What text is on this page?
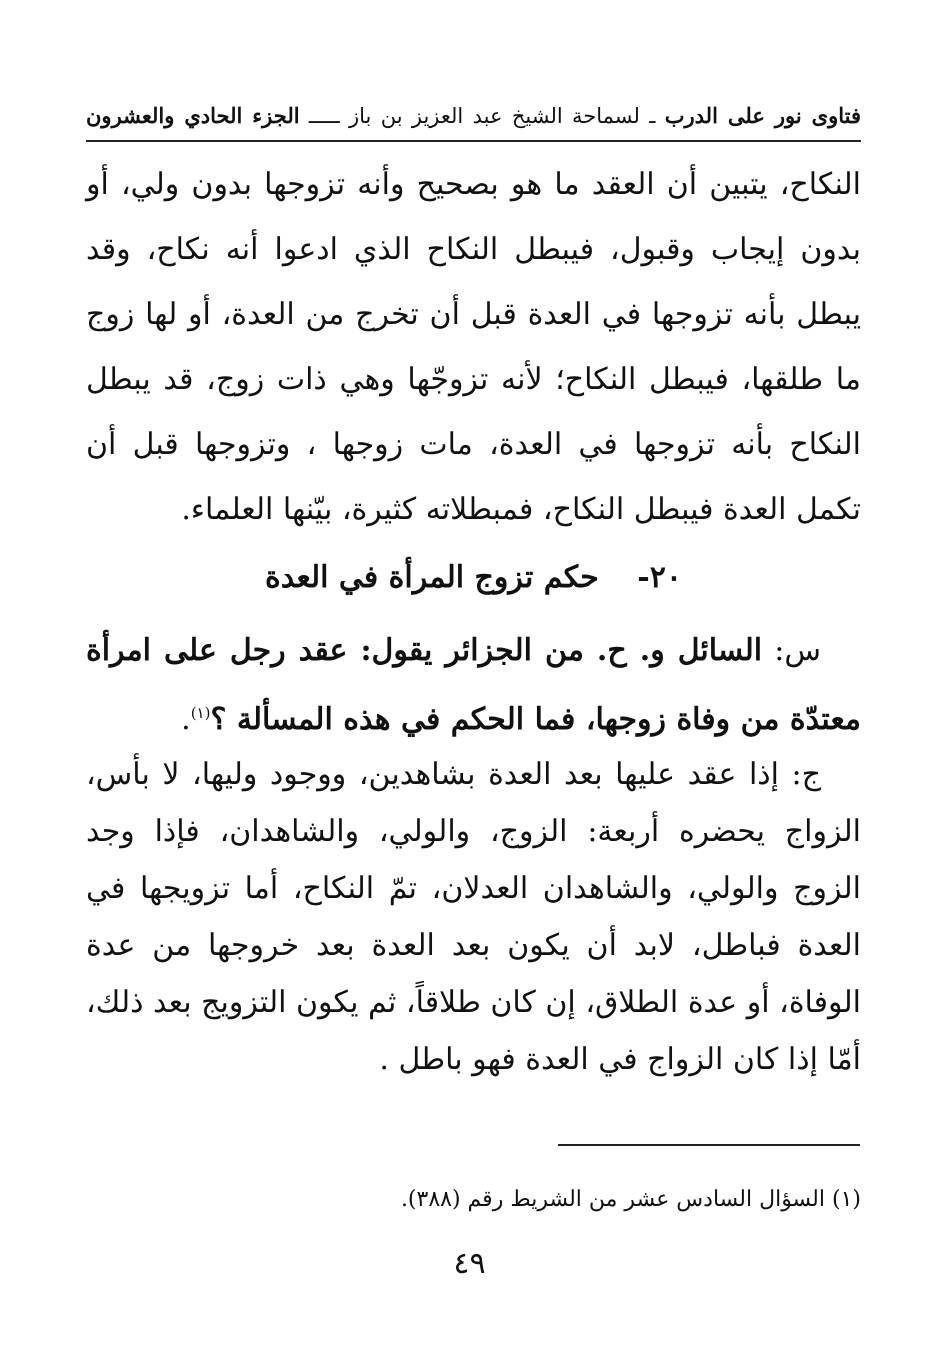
فتاوى نور على الدرب ـ لسماحة الشيخ عبد العزيز بن باز ـــــ الجزء الحادي والعشرون

النكاح، يتبين أن العقد ما هو بصحيح وأنه تزوجها بدون ولي، أو بدون إيجاب وقبول، فيبطل النكاح الذي ادعوا أنه نكاح، وقد يبطل بأنه تزوجها في العدة قبل أن تخرج من العدة، أو لها زوج ما طلقها، فيبطل النكاح؛ لأنه تزوجّها وهي ذات زوج، قد يبطل النكاح بأنه تزوجها في العدة، مات زوجها ، وتزوجها قبل أن تكمل العدة فيبطل النكاح، فمبطلاته كثيرة، بيّنها العلماء.

٢٠- حكم تزوج المرأة في العدة
س: السائل و. ح. من الجزائر يقول: عقد رجل على امرأة معتدّة من وفاة زوجها، فما الحكم في هذه المسألة ؟$^{(١)}$.
ج: إذا عقد عليها بعد العدة بشاهدين، ووجود وليها، لا بأس، الزواج يحضره أربعة: الزوج، والولي، والشاهدان، فإذا وجد الزوج والولي، والشاهدان العدلان، تمّ النكاح، أما تزويجها في العدة فباطل، لابد أن يكون بعد العدة بعد خروجها من عدة الوفاة، أو عدة الطلاق، إن كان طلاقاً، ثم يكون التزويج بعد ذلك، أمّا إذا كان الزواج في العدة فهو باطل .
(١) السؤال السادس عشر من الشريط رقم (٣٨٨).
٤٩
